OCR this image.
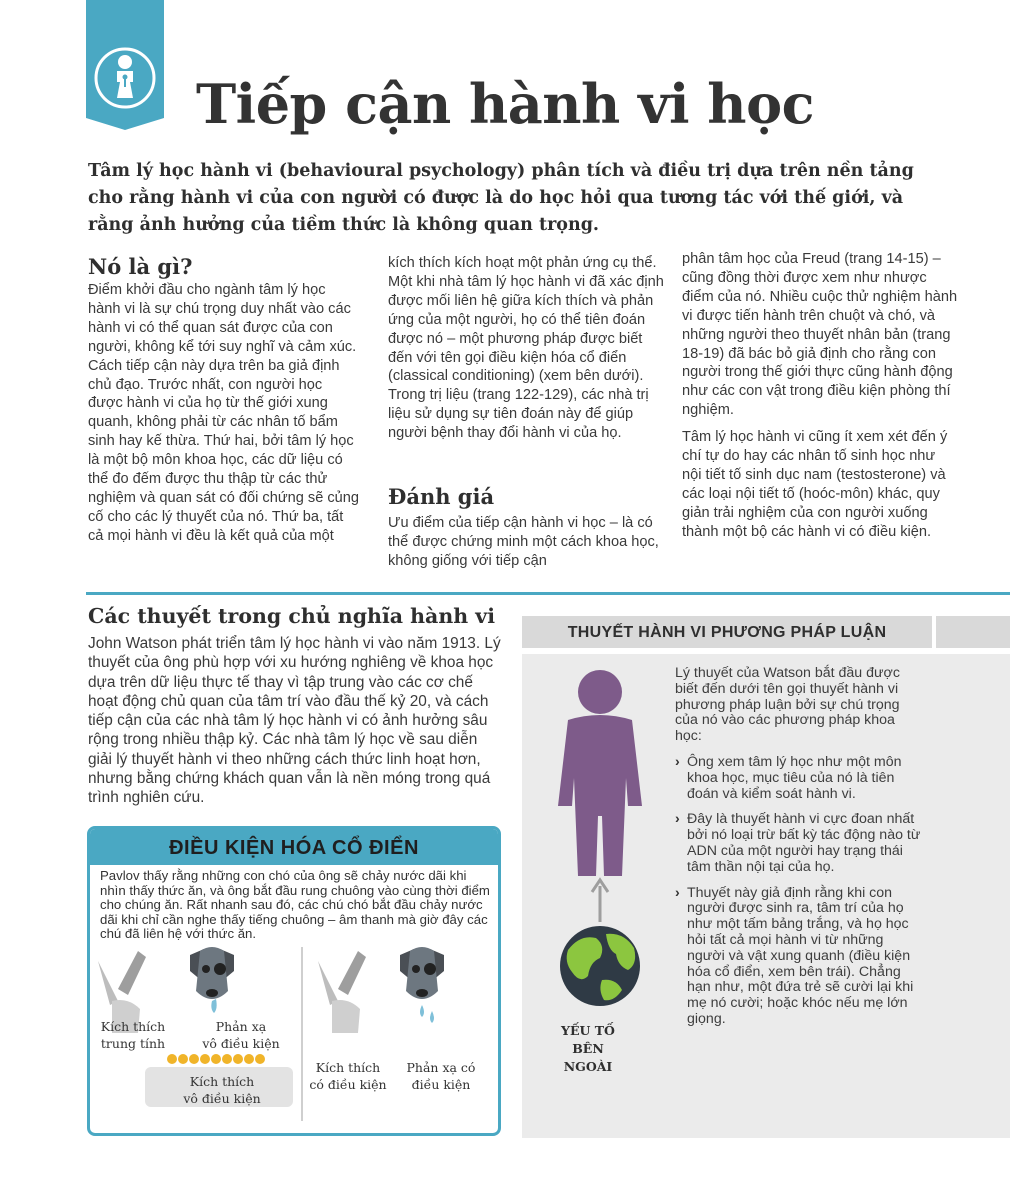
Tiếp cận hành vi học
Tâm lý học hành vi (behavioural psychology) phân tích và điều trị dựa trên nền tảng cho rằng hành vi của con người có được là do học hỏi qua tương tác với thế giới, và rằng ảnh hưởng của tiềm thức là không quan trọng.
Nó là gì?
Điểm khởi đầu cho ngành tâm lý học hành vi là sự chú trọng duy nhất vào các hành vi có thể quan sát được của con người, không kể tới suy nghĩ và cảm xúc. Cách tiếp cận này dựa trên ba giả định chủ đạo. Trước nhất, con người học được hành vi của họ từ thế giới xung quanh, không phải từ các nhân tố bẩm sinh hay kế thừa. Thứ hai, bởi tâm lý học là một bộ môn khoa học, các dữ liệu có thể đo đếm được thu thập từ các thử nghiệm và quan sát có đối chứng sẽ củng cố cho các lý thuyết của nó. Thứ ba, tất cả mọi hành vi đều là kết quả của một
kích thích kích hoạt một phản ứng cụ thể. Một khi nhà tâm lý học hành vi đã xác định được mối liên hệ giữa kích thích và phản ứng của một người, họ có thể tiên đoán được nó – một phương pháp được biết đến với tên gọi điều kiện hóa cổ điển (classical conditioning) (xem bên dưới). Trong trị liệu (trang 122-129), các nhà trị liệu sử dụng sự tiên đoán này để giúp người bệnh thay đổi hành vi của họ.
Đánh giá
Ưu điểm của tiếp cận hành vi học – là có thể được chứng minh một cách khoa học, không giống với tiếp cận
phân tâm học của Freud (trang 14-15) – cũng đồng thời được xem như nhược điểm của nó. Nhiều cuộc thử nghiệm hành vi được tiến hành trên chuột và chó, và những người theo thuyết nhân bản (trang 18-19) đã bác bỏ giả định cho rằng con người trong thế giới thực cũng hành động như các con vật trong điều kiện phòng thí nghiệm.
Tâm lý học hành vi cũng ít xem xét đến ý chí tự do hay các nhân tố sinh học như nội tiết tố sinh dục nam (testosterone) và các loại nội tiết tố (hoóc-môn) khác, quy giản trải nghiệm của con người xuống thành một bộ các hành vi có điều kiện.
Các thuyết trong chủ nghĩa hành vi
John Watson phát triển tâm lý học hành vi vào năm 1913. Lý thuyết của ông phù hợp với xu hướng nghiêng về khoa học dựa trên dữ liệu thực tế thay vì tập trung vào các cơ chế hoạt động chủ quan của tâm trí vào đầu thế kỷ 20, và cách tiếp cận của các nhà tâm lý học hành vi có ảnh hưởng sâu rộng trong nhiều thập kỷ. Các nhà tâm lý học về sau diễn giải lý thuyết hành vi theo những cách thức linh hoạt hơn, nhưng bằng chứng khách quan vẫn là nền móng trong quá trình nghiên cứu.
ĐIỀU KIỆN HÓA CỔ ĐIỂN
Pavlov thấy rằng những con chó của ông sẽ chảy nước dãi khi nhìn thấy thức ăn, và ông bắt đầu rung chuông vào cùng thời điểm cho chúng ăn. Rất nhanh sau đó, các chú chó bắt đầu chảy nước dãi khi chỉ cần nghe thấy tiếng chuông – âm thanh mà giờ đây các chú đã liên hệ với thức ăn.
Kích thích
trung tính
Phản xạ
vô điều kiện
Kích thích
vô điều kiện
Kích thích
có điều kiện
Phản xạ có
điều kiện
THUYẾT HÀNH VI PHƯƠNG PHÁP LUẬN
YẾU TỐ
BÊN NGOÀI

Lý thuyết của Watson bắt đầu được biết đến dưới tên gọi thuyết hành vi phương pháp luận bởi sự chú trọng của nó vào các phương pháp khoa học:

› Ông xem tâm lý học như một môn khoa học, mục tiêu của nó là tiên đoán và kiểm soát hành vi.

› Đây là thuyết hành vi cực đoan nhất bởi nó loại trừ bất kỳ tác động nào từ ADN của một người hay trạng thái tâm thần nội tại của họ.

› Thuyết này giả định rằng khi con người được sinh ra, tâm trí của họ như một tấm bảng trắng, và họ học hỏi tất cả mọi hành vi từ những người và vật xung quanh (điều kiện hóa cổ điển, xem bên trái). Chẳng hạn như, một đứa trẻ sẽ cười lại khi mẹ nó cười; hoặc khóc nếu mẹ lớn giọng.
